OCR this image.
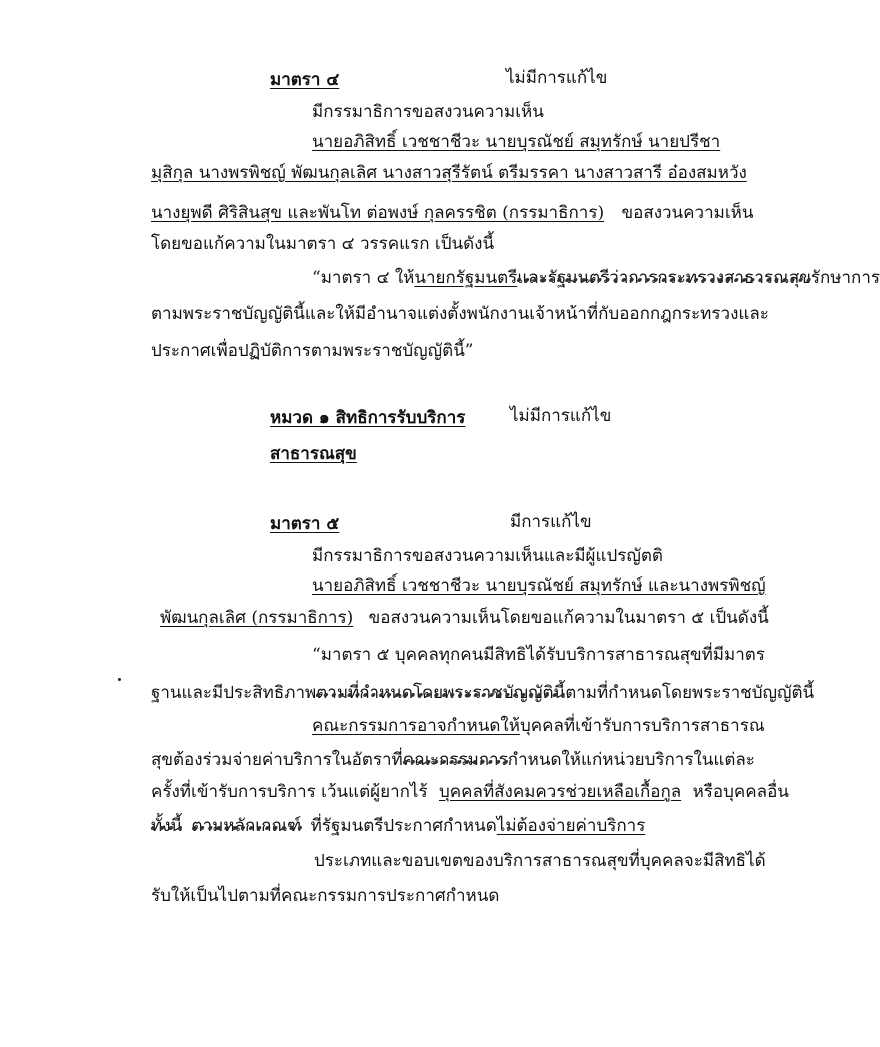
มาตรา ๔	ไม่มีการแก้ไข
มีกรรมาธิการขอสงวนความเห็น
นายอภิสิทธิ์ เวชชาชีวะ นายบุรณัชย์ สมุทรักษ์ นายปรีชา
มุสิกุล นางพรพิชญ์ พัฒนกุลเลิศ นางสาวสุรีรัตน์ ตรีมรรคา นางสาวสารี อ๋องสมหวัง
นางยุพดี ศิริสินสุข และพันโท ต่อพงษ์ กุลครรชิต (กรรมาธิการ) ขอสงวนความเห็น
โดยขอแก้ความในมาตรา ๔ วรรคแรก เป็นดังนี้
“มาตรา ๔ ให้นายกรัฐมนตรีและรัฐมนตรีว่าการกระทรวงสาธารณสุขรักษาการ
ตามพระราชบัญญัตินี้และให้มีอำนาจแต่งตั้งพนักงานเจ้าหน้าที่กับออกกฎกระทรวงและ
ประกาศเพื่อปฏิบัติการตามพระราชบัญญัตินี้”
หมวด ๑ สิทธิการรับบริการ	ไม่มีการแก้ไข
สาธารณสุข
มาตรา ๕	มีการแก้ไข
มีกรรมาธิการขอสงวนความเห็นและมีผู้แปรญัตติ
นายอภิสิทธิ์ เวชชาชีวะ นายบุรณัชย์ สมุทรักษ์ และนางพรพิชญ์
พัฒนกุลเลิศ (กรรมาธิการ) ขอสงวนความเห็นโดยขอแก้ความในมาตรา ๕ เป็นดังนี้
“มาตรา ๕ บุคคลทุกคนมีสิทธิได้รับบริการสาธารณสุขที่มีมาตร
ฐานและมีประสิทธิภาพตามที่กำหนดโดยพระราชบัญญัตินี้ตามที่กำหนดโดยพระราชบัญญัตินี้
คณะกรรมการอาจกำหนดให้บุคคลที่เข้ารับการบริการสาธารณ
สุขต้องร่วมจ่ายค่าบริการในอัตราที่คณะกรรมการกำหนดให้แก่หน่วยบริการในแต่ละ
ครั้งที่เข้ารับการบริการ เว้นแต่ผู้ยากไร้ บุคคลที่สังคมควรช่วยเหลือเกื้อกูล หรือบุคคลอื่น
ทั้งนี้ ตามหลักเกณฑ์ ที่รัฐมนตรีประกาศกำหนดไม่ต้องจ่ายค่าบริการ
ประเภทและขอบเขตของบริการสาธารณสุขที่บุคคลจะมีสิทธิได้
รับให้เป็นไปตามที่คณะกรรมการประกาศกำหนด
